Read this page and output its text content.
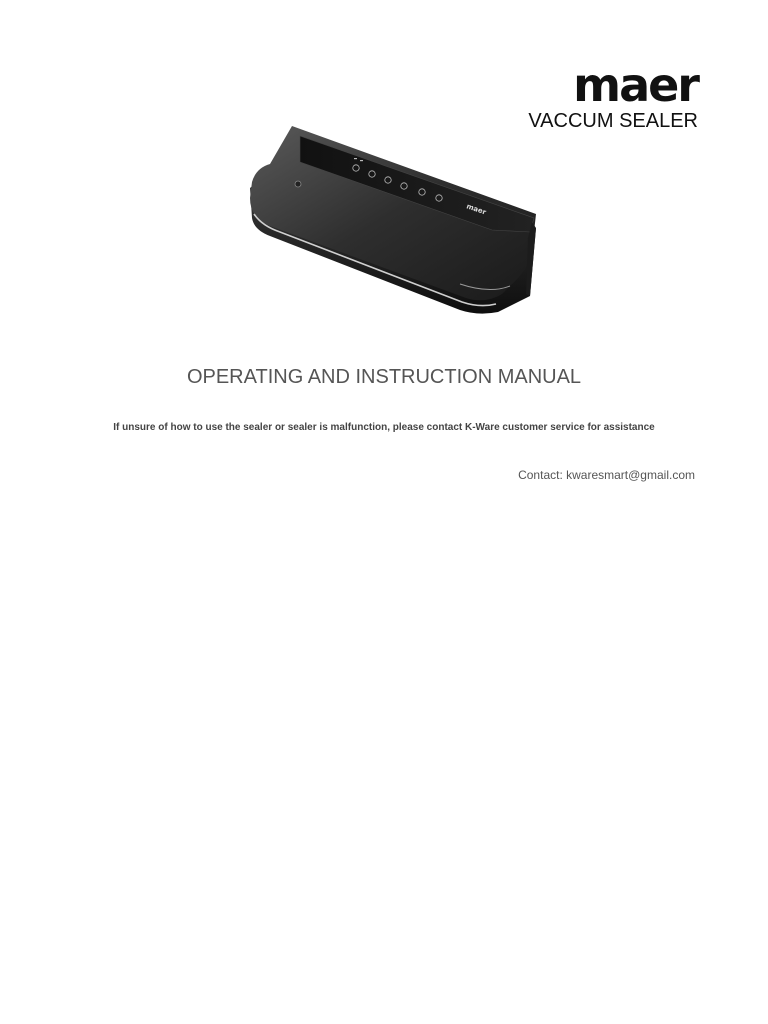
maer
VACCUM SEALER
maer
OPERATING AND INSTRUCTION MANUAL
If unsure of how to use the sealer or sealer is malfunction, please contact K-Ware customer service for assistance
Contact: kwaresmart@gmail.com
